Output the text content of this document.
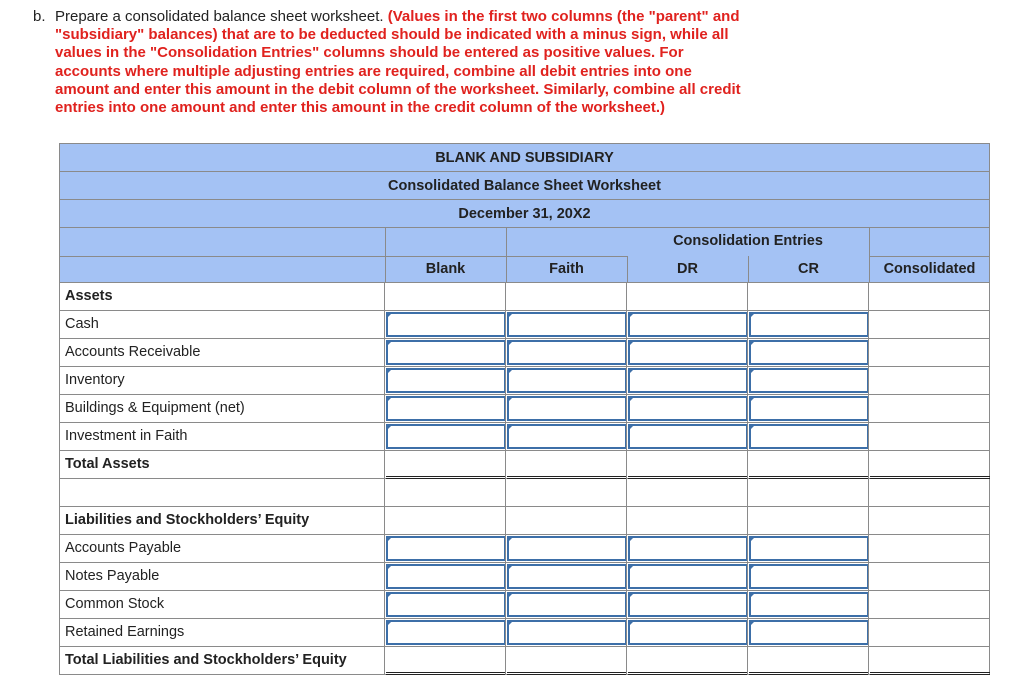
b. Prepare a consolidated balance sheet worksheet. (Values in the first two columns (the "parent" and
"subsidiary" balances) that are to be deducted should be indicated with a minus sign, while all
values in the "Consolidation Entries" columns should be entered as positive values. For
accounts where multiple adjusting entries are required, combine all debit entries into one
amount and enter this amount in the debit column of the worksheet. Similarly, combine all credit
entries into one amount and enter this amount in the credit column of the worksheet.)
BLANK AND SUBSIDIARY
Consolidated Balance Sheet Worksheet
December 31, 20X2
Consolidation Entries
Blank	Faith	DR	CR	Consolidated
Assets
Cash
Accounts Receivable
Inventory
Buildings & Equipment (net)
Investment in Faith
Total Assets
Liabilities and Stockholders’ Equity
Accounts Payable
Notes Payable
Common Stock
Retained Earnings
Total Liabilities and Stockholders’ Equity
